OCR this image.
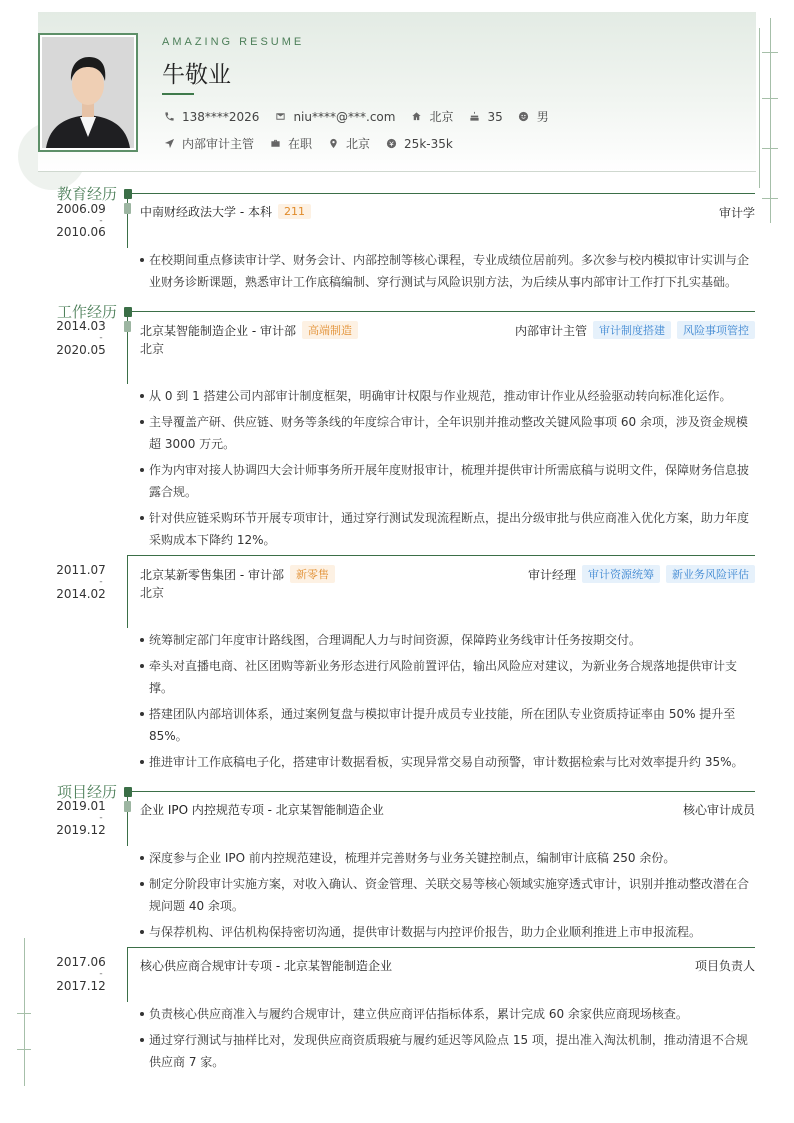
AMAZING RESUME
牛敬业
138****2026	niu****@***.com	北京	35	男
内部审计主管	在职	北京	25k-35k
教育经历
2006.09
-
2010.06
中南财经政法大学 - 本科	211	审计学
在校期间重点修读审计学、财务会计、内部控制等核心课程，专业成绩位居前列。多次参与校内模拟审计实训与企业财务诊断课题，熟悉审计工作底稿编制、穿行测试与风险识别方法，为后续从事内部审计工作打下扎实基础。
工作经历
2014.03
-
2020.05
北京某智能制造企业 - 审计部	高端制造	内部审计主管	审计制度搭建	风险事项管控
北京
从 0 到 1 搭建公司内部审计制度框架，明确审计权限与作业规范，推动审计作业从经验驱动转向标准化运作。
主导覆盖产研、供应链、财务等条线的年度综合审计，全年识别并推动整改关键风险事项 60 余项，涉及资金规模超 3000 万元。
作为内审对接人协调四大会计师事务所开展年度财报审计，梳理并提供审计所需底稿与说明文件，保障财务信息披露合规。
针对供应链采购环节开展专项审计，通过穿行测试发现流程断点，提出分级审批与供应商准入优化方案，助力年度采购成本下降约 12%。
2011.07
-
2014.02
北京某新零售集团 - 审计部	新零售	审计经理	审计资源统筹	新业务风险评估
北京
统筹制定部门年度审计路线图，合理调配人力与时间资源，保障跨业务线审计任务按期交付。
牵头对直播电商、社区团购等新业务形态进行风险前置评估，输出风险应对建议，为新业务合规落地提供审计支撑。
搭建团队内部培训体系，通过案例复盘与模拟审计提升成员专业技能，所在团队专业资质持证率由 50% 提升至 85%。
推进审计工作底稿电子化，搭建审计数据看板，实现异常交易自动预警，审计数据检索与比对效率提升约 35%。
项目经历
2019.01
-
2019.12
企业 IPO 内控规范专项 - 北京某智能制造企业	核心审计成员
深度参与企业 IPO 前内控规范建设，梳理并完善财务与业务关键控制点，编制审计底稿 250 余份。
制定分阶段审计实施方案，对收入确认、资金管理、关联交易等核心领域实施穿透式审计，识别并推动整改潜在合规问题 40 余项。
与保荐机构、评估机构保持密切沟通，提供审计数据与内控评价报告，助力企业顺利推进上市申报流程。
2017.06
-
2017.12
核心供应商合规审计专项 - 北京某智能制造企业	项目负责人
负责核心供应商准入与履约合规审计，建立供应商评估指标体系，累计完成 60 余家供应商现场核查。
通过穿行测试与抽样比对，发现供应商资质瑕疵与履约延迟等风险点 15 项，提出准入淘汰机制，推动清退不合规供应商 7 家。
